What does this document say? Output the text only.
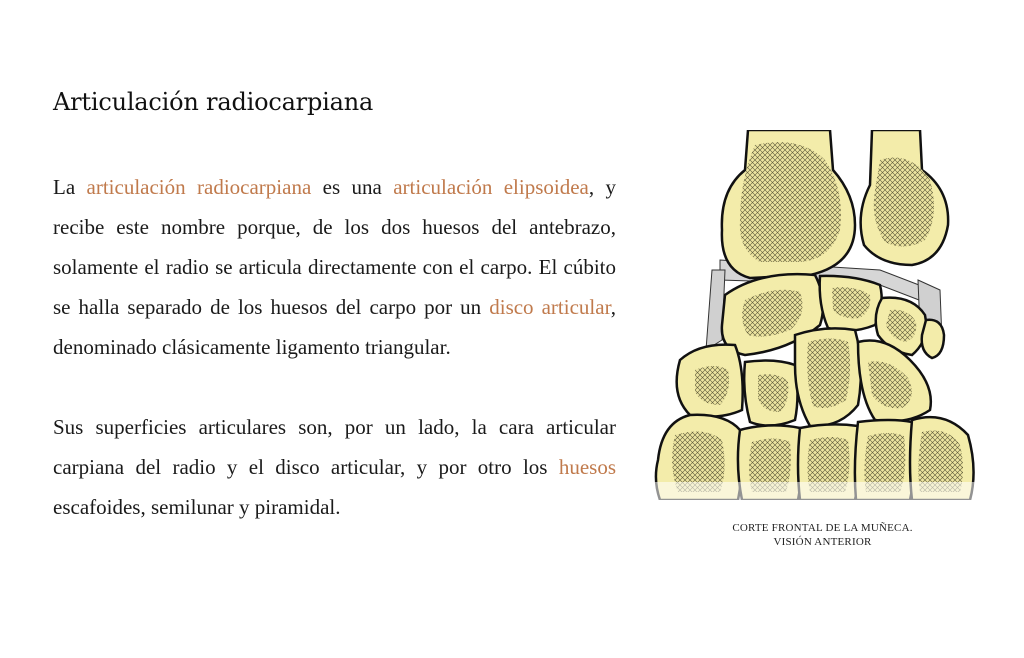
Articulación radiocarpiana

La articulación radiocarpiana es una articulación elipsoidea, y recibe este nombre porque, de los dos huesos del antebrazo, solamente el radio se articula directamente con el carpo. El cúbito se halla separado de los huesos del carpo por un disco articular, denominado clásicamente ligamento triangular.

Sus superficies articulares son, por un lado, la cara articular carpiana del radio y el disco articular, y por otro los huesos escafoides, semilunar y piramidal.

CORTE FRONTAL DE LA MUÑECA.
VISIÓN ANTERIOR
